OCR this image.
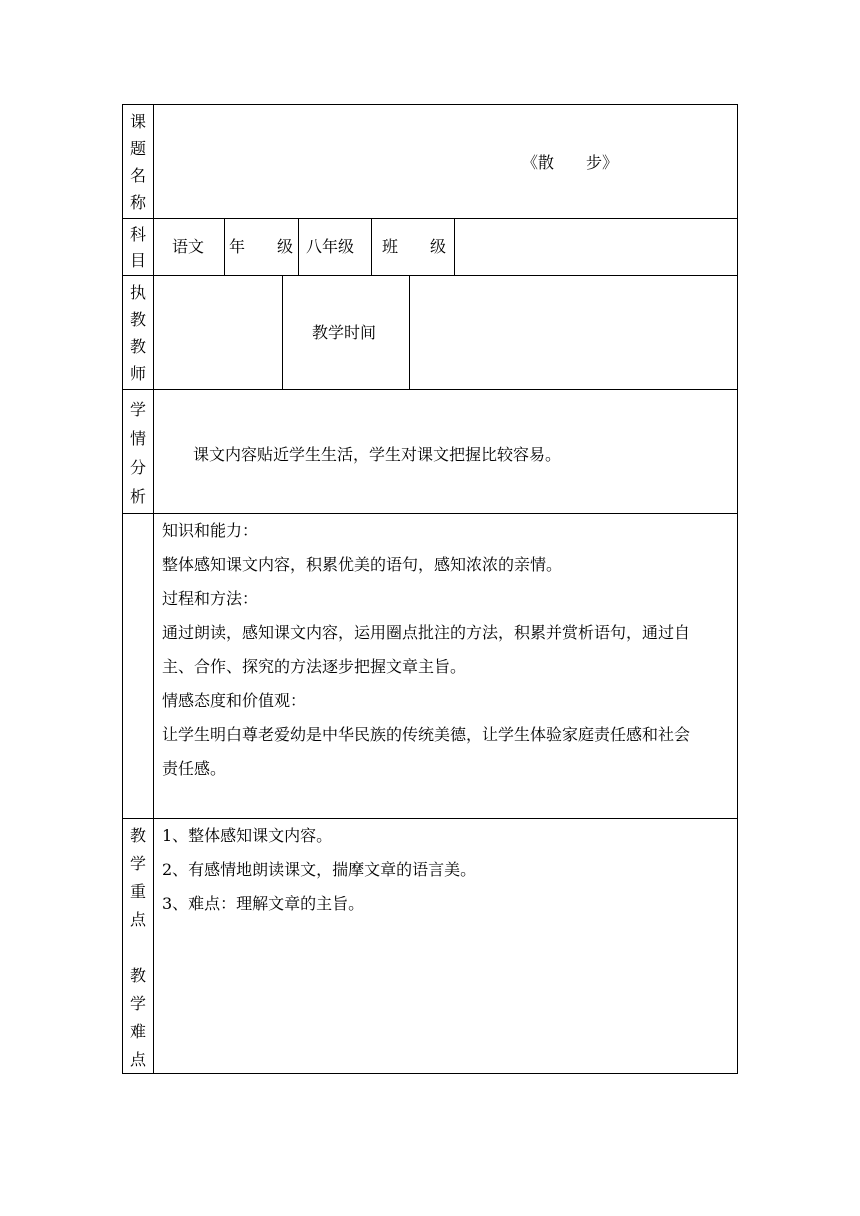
课
题
名
称
《散　　步》
科
目
语文 年　　级 八年级 班　　级
执
教
教
师
教学时间
学
情
分
析
课文内容贴近学生生活，学生对课文把握比较容易。
知识和能力：
整体感知课文内容，积累优美的语句，感知浓浓的亲情。
过程和方法：
通过朗读，感知课文内容，运用圈点批注的方法，积累并赏析语句，通过自
主、合作、探究的方法逐步把握文章主旨。
情感态度和价值观：
让学生明白尊老爱幼是中华民族的传统美德，让学生体验家庭责任感和社会
责任感。
教
学
重
点
教
学
难
点
1、整体感知课文内容。
2、有感情地朗读课文，揣摩文章的语言美。
3、难点：理解文章的主旨。
